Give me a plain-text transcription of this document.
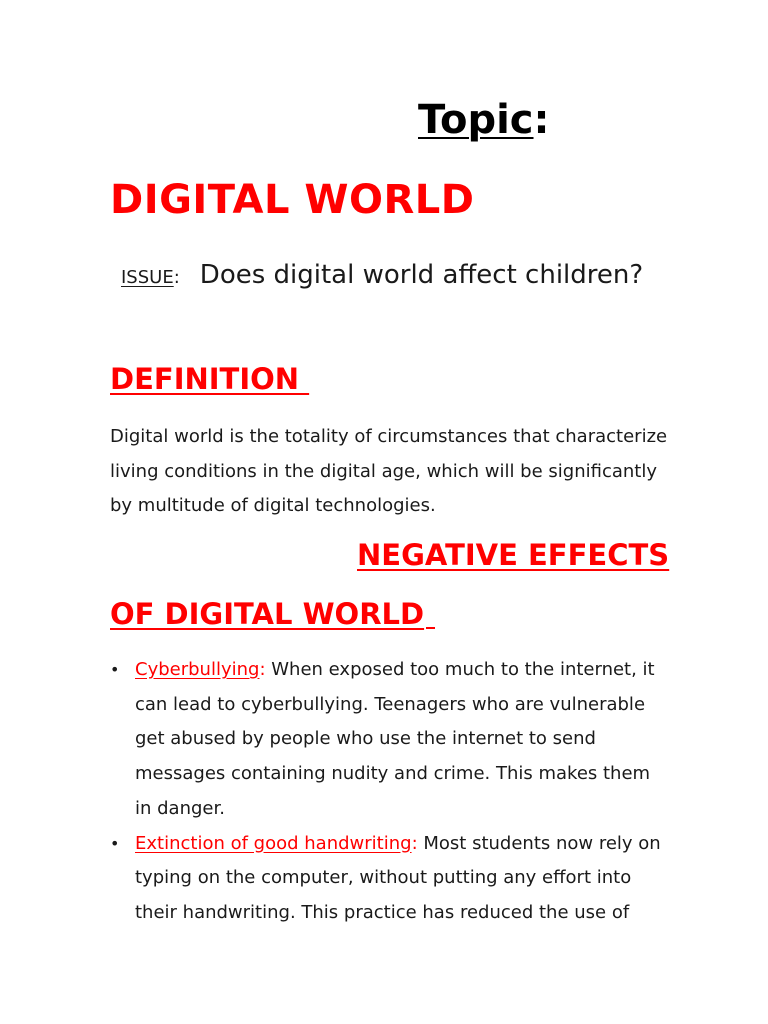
Topic:
DIGITAL WORLD
ISSUE: Does digital world affect children?
DEFINITION
Digital world is the totality of circumstances that characterize living conditions in the digital age, which will be significantly by multitude of digital technologies.
NEGATIVE EFFECTS
OF DIGITAL WORLD
• Cyberbullying: When exposed too much to the internet, it can lead to cyberbullying. Teenagers who are vulnerable get abused by people who use the internet to send messages containing nudity and crime. This makes them in danger.
• Extinction of good handwriting: Most students now rely on typing on the computer, without putting any effort into their handwriting. This practice has reduced the use of
